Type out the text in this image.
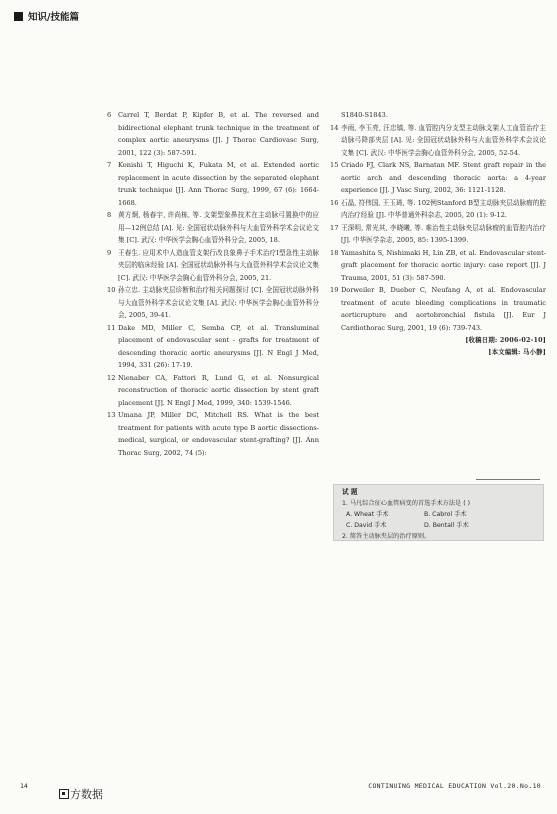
知识/技能篇
6	Carrel T, Berdat P, Kipfer B, et al. The reversed and bidirectional elephant trunk technique in the treatment of complex aortic aneurysms [J]. J Thorac Cardiovasc Surg, 2001, 122 (3): 587-591.
7	Konishi T, Higuchi K, Fukata M, et al. Extended aortic replacement in acute dissection by the separated elephant trunk technique [J]. Ann Thorac Surg, 1999, 67 (6): 1664-1668.
8	黄方炯, 杨春宇, 许尚栋, 等. 支架型象鼻技术在主动脉弓置换中的应用—12例总结 [A]. 见: 全国冠状动脉外科与大血管外科学术会议论文集 [C]. 武汉: 中华医学会胸心血管外科分会, 2005, 18.
9	王春生. 应用术中人造血管支架行改良象鼻子手术治疗I型急性主动脉夹层的临床经验 [A]. 全国冠状动脉外科与大血管外科学术会议论文集 [C]. 武汉: 中华医学会胸心血管外科分会, 2005, 21.
10 孙立忠. 主动脉夹层诊断和治疗相关问题探讨 [C]. 全国冠状动脉外科与大血管外科学术会议论文集 [A]. 武汉: 中华医学会胸心血管外科分会, 2005, 39-41.
11 Dake MD, Miller C, Semba CP, et al. Transluminal placement of endovascular sent - grafts for treatment of descending thoracic aortic aneurysms [J]. N Engl J Med, 1994, 331 (26): 17-19.
12 Nienaber CA, Fattori R, Lund G, et al. Nonsurgical reconstruction of thoracic aortic dissection by stent graft placement [J]. N Engl J Med, 1999, 340: 1539-1546.
13 Umana JP, Miller DC, Mitchell RS. What is the best treatment for patients with acute type B aortic dissections-medical, surgical, or endovascular stent-grafting? [J]. Ann Thorac Surg, 2002, 74 (5):
S1840-S1843.
14 李雨, 李玉亮, 汪忠镐, 等. 血管腔内分支型主动脉支架人工血管治疗主动脉弓降部夹层 [A]. 见: 全国冠状动脉外科与大血管外科学术会议论文集 [C]. 武汉: 中华医学会胸心血管外科分会, 2005, 52-54.
15 Criado FJ, Clark NS, Barnatan MF. Stent graft repair in the aortic arch and descending thoracic aorta: a 4-year experience [J]. J Vasc Surg, 2002, 36: 1121-1128.
16 石晶, 符伟国, 王玉琦, 等. 102例Stanford B型主动脉夹层动脉瘤的腔内治疗经验 [J]. 中华普通外科杂志, 2005, 20 (1): 9-12.
17 王深明, 常光其, 李晓曦, 等. 难治性主动脉夹层动脉瘤的血管腔内治疗 [J]. 中华医学杂志, 2005, 85: 1395-1399.
18 Yamashita S, Nishimaki H, Lin ZB, et al. Endovascular stent-graft placement for thoracic aortic injury: case report [J]. J Trauma, 2001, 51 (3): 587-590.
19 Dorweiler B, Dueber C, Neufang A, et al. Endovascular treatment of acute bleeding complications in traumatic aorticrupture and aortobronchial fistula [J]. Eur J Cardiothorac Surg, 2001, 19 (6): 739-743.
[收稿日期: 2006-02-10]
[本文编辑: 马小静]
试 题
1. 马凡综合征心血管病变的首选手术方法是 ( )
A. Wheat 手术	B. Cabrol 手术
C. David 手术	D. Bentall 手术
2. 简答主动脉夹层的治疗原则。
14	CONTINUING MEDICAL EDUCATION Vol.20.No.10
方数据
